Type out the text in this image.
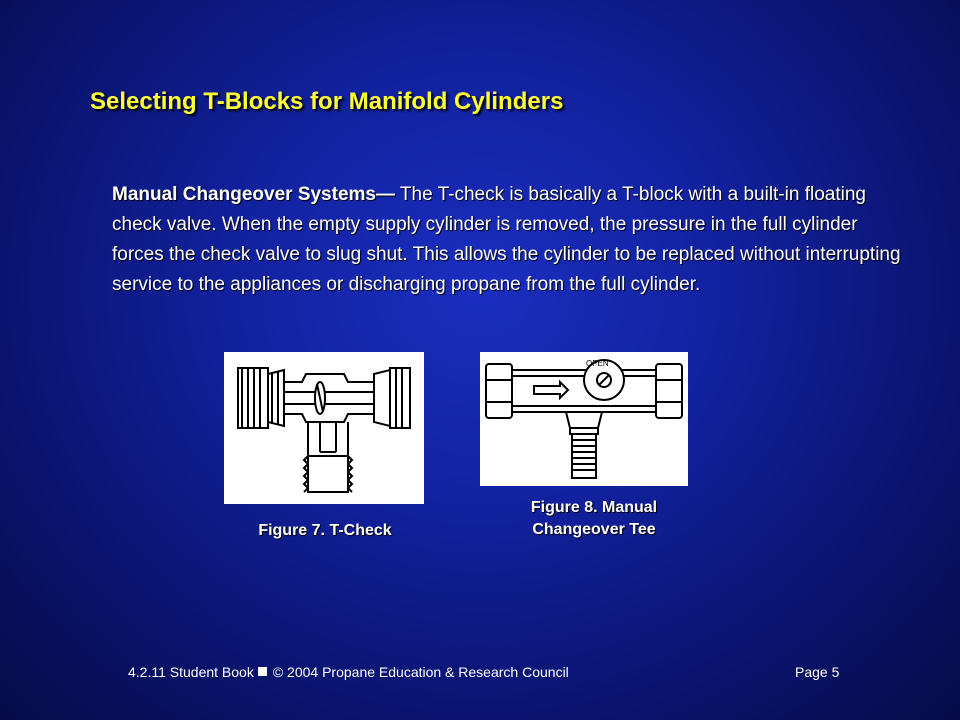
Selecting T-Blocks for Manifold Cylinders
Manual Changeover Systems— The T-check is basically a T-block with a built-in floating check valve. When the empty supply cylinder is removed, the pressure in the full cylinder forces the check valve to slug shut. This allows the cylinder to be replaced without interrupting service to the appliances or discharging propane from the full cylinder.
OPEN
Figure 7. T-Check
Figure 8. Manual
Changeover Tee
4.2.11 Student Book © 2004 Propane Education & Research Council	Page 5
